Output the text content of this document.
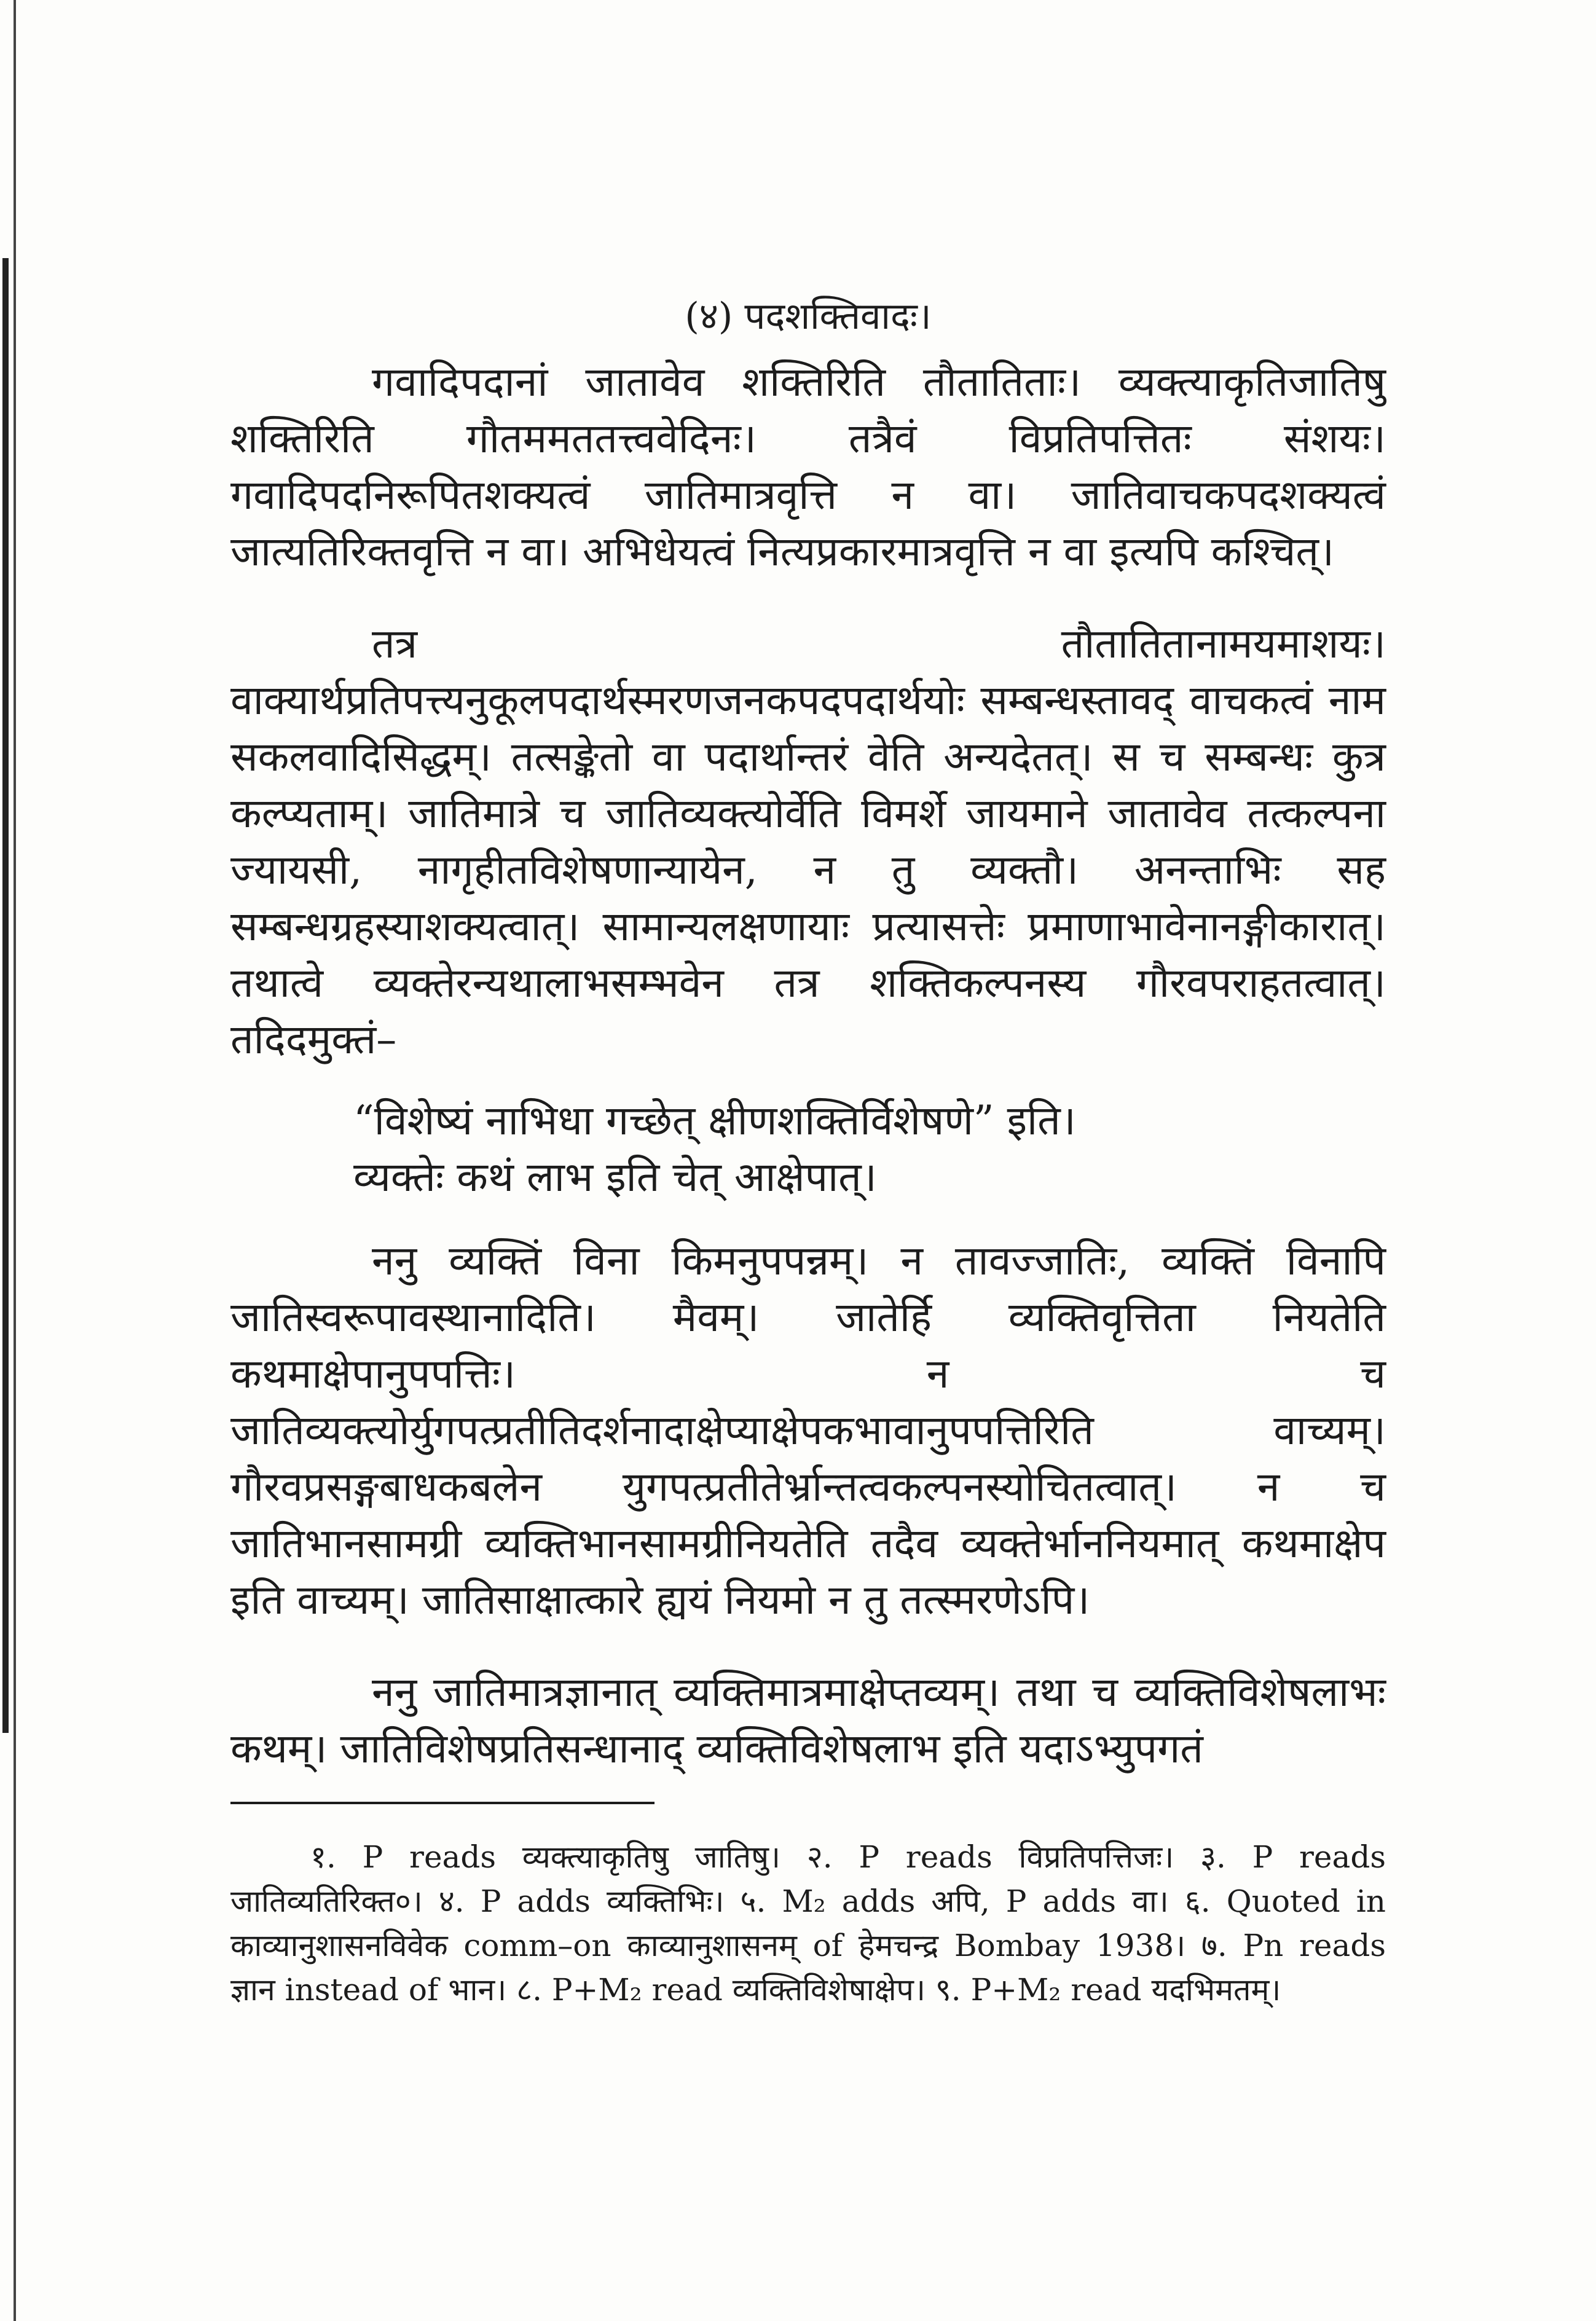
(४) पदशक्तिवादः।

गवादिपदानां जातावेव शक्तिरिति तौतातिताः। व्यक्त्याकृतिजातिषु शक्तिरिति गौतममततत्त्ववेदिनः। तत्रैवं विप्रतिपत्तितः संशयः। गवादिपदनिरूपितशक्यत्वं जातिमात्रवृत्ति न वा। जातिवाचकपदशक्यत्वं जात्यतिरिक्तवृत्ति न वा। अभिधेयत्वं नित्यप्रकारमात्रवृत्ति न वा इत्यपि कश्चित्।

तत्र तौतातितानामयमाशयः। वाक्यार्थप्रतिपत्त्यनुकूलपदार्थस्मरणजनकपदपदार्थयोः सम्बन्धस्तावद् वाचकत्वं नाम सकलवादिसिद्धम्। तत्सङ्केतो वा पदार्थान्तरं वेति अन्यदेतत्। स च सम्बन्धः कुत्र कल्प्यताम्। जातिमात्रे च जातिव्यक्त्योर्वेति विमर्शे जायमाने जातावेव तत्कल्पना ज्यायसी, नागृहीतविशेषणान्यायेन, न तु व्यक्तौ। अनन्ताभिः सह सम्बन्धग्रहस्याशक्यत्वात्। सामान्यलक्षणायाः प्रत्यासत्तेः प्रमाणाभावेनानङ्गीकारात्। तथात्वे व्यक्तेरन्यथालाभसम्भवेन तत्र शक्तिकल्पनस्य गौरवपराहतत्वात्। तदिदमुक्तं–

“विशेष्यं नाभिधा गच्छेत् क्षीणशक्तिर्विशेषणे” इति।

व्यक्तेः कथं लाभ इति चेत् आक्षेपात्।

ननु व्यक्तिं विना किमनुपपन्नम्। न तावज्जातिः, व्यक्तिं विनापि जातिस्वरूपावस्थानादिति। मैवम्। जातेर्हि व्यक्तिवृत्तिता नियतेति कथमाक्षेपानुपपत्तिः। न च जातिव्यक्त्योर्युगपत्प्रतीतिदर्शनादाक्षेप्याक्षेपकभावानुपपत्तिरिति वाच्यम्। गौरवप्रसङ्गबाधकबलेन युगपत्प्रतीतेर्भ्रान्तत्वकल्पनस्योचितत्वात्। न च जातिभानसामग्री व्यक्तिभानसामग्रीनियतेति तदैव व्यक्तेर्भाननियमात् कथमाक्षेप इति वाच्यम्। जातिसाक्षात्कारे ह्ययं नियमो न तु तत्स्मरणेऽपि।

ननु जातिमात्रज्ञानात् व्यक्तिमात्रमाक्षेप्तव्यम्। तथा च व्यक्तिविशेषलाभः कथम्। जातिविशेषप्रतिसन्धानाद् व्यक्तिविशेषलाभ इति यदाऽभ्युपगतं

१. P reads व्यक्त्याकृतिषु जातिषु। २. P reads विप्रतिपत्तिजः। ३. P reads जातिव्यतिरिक्त०। ४. P adds व्यक्तिभिः। ५. M₂ adds अपि, P adds वा। ६. Quoted in काव्यानुशासनविवेक comm–on काव्यानुशासनम् of हेमचन्द्र Bombay 1938। ७. Pn reads ज्ञान instead of भान। ८. P+M₂ read व्यक्तिविशेषाक्षेप। ९. P+M₂ read यदभिमतम्।
